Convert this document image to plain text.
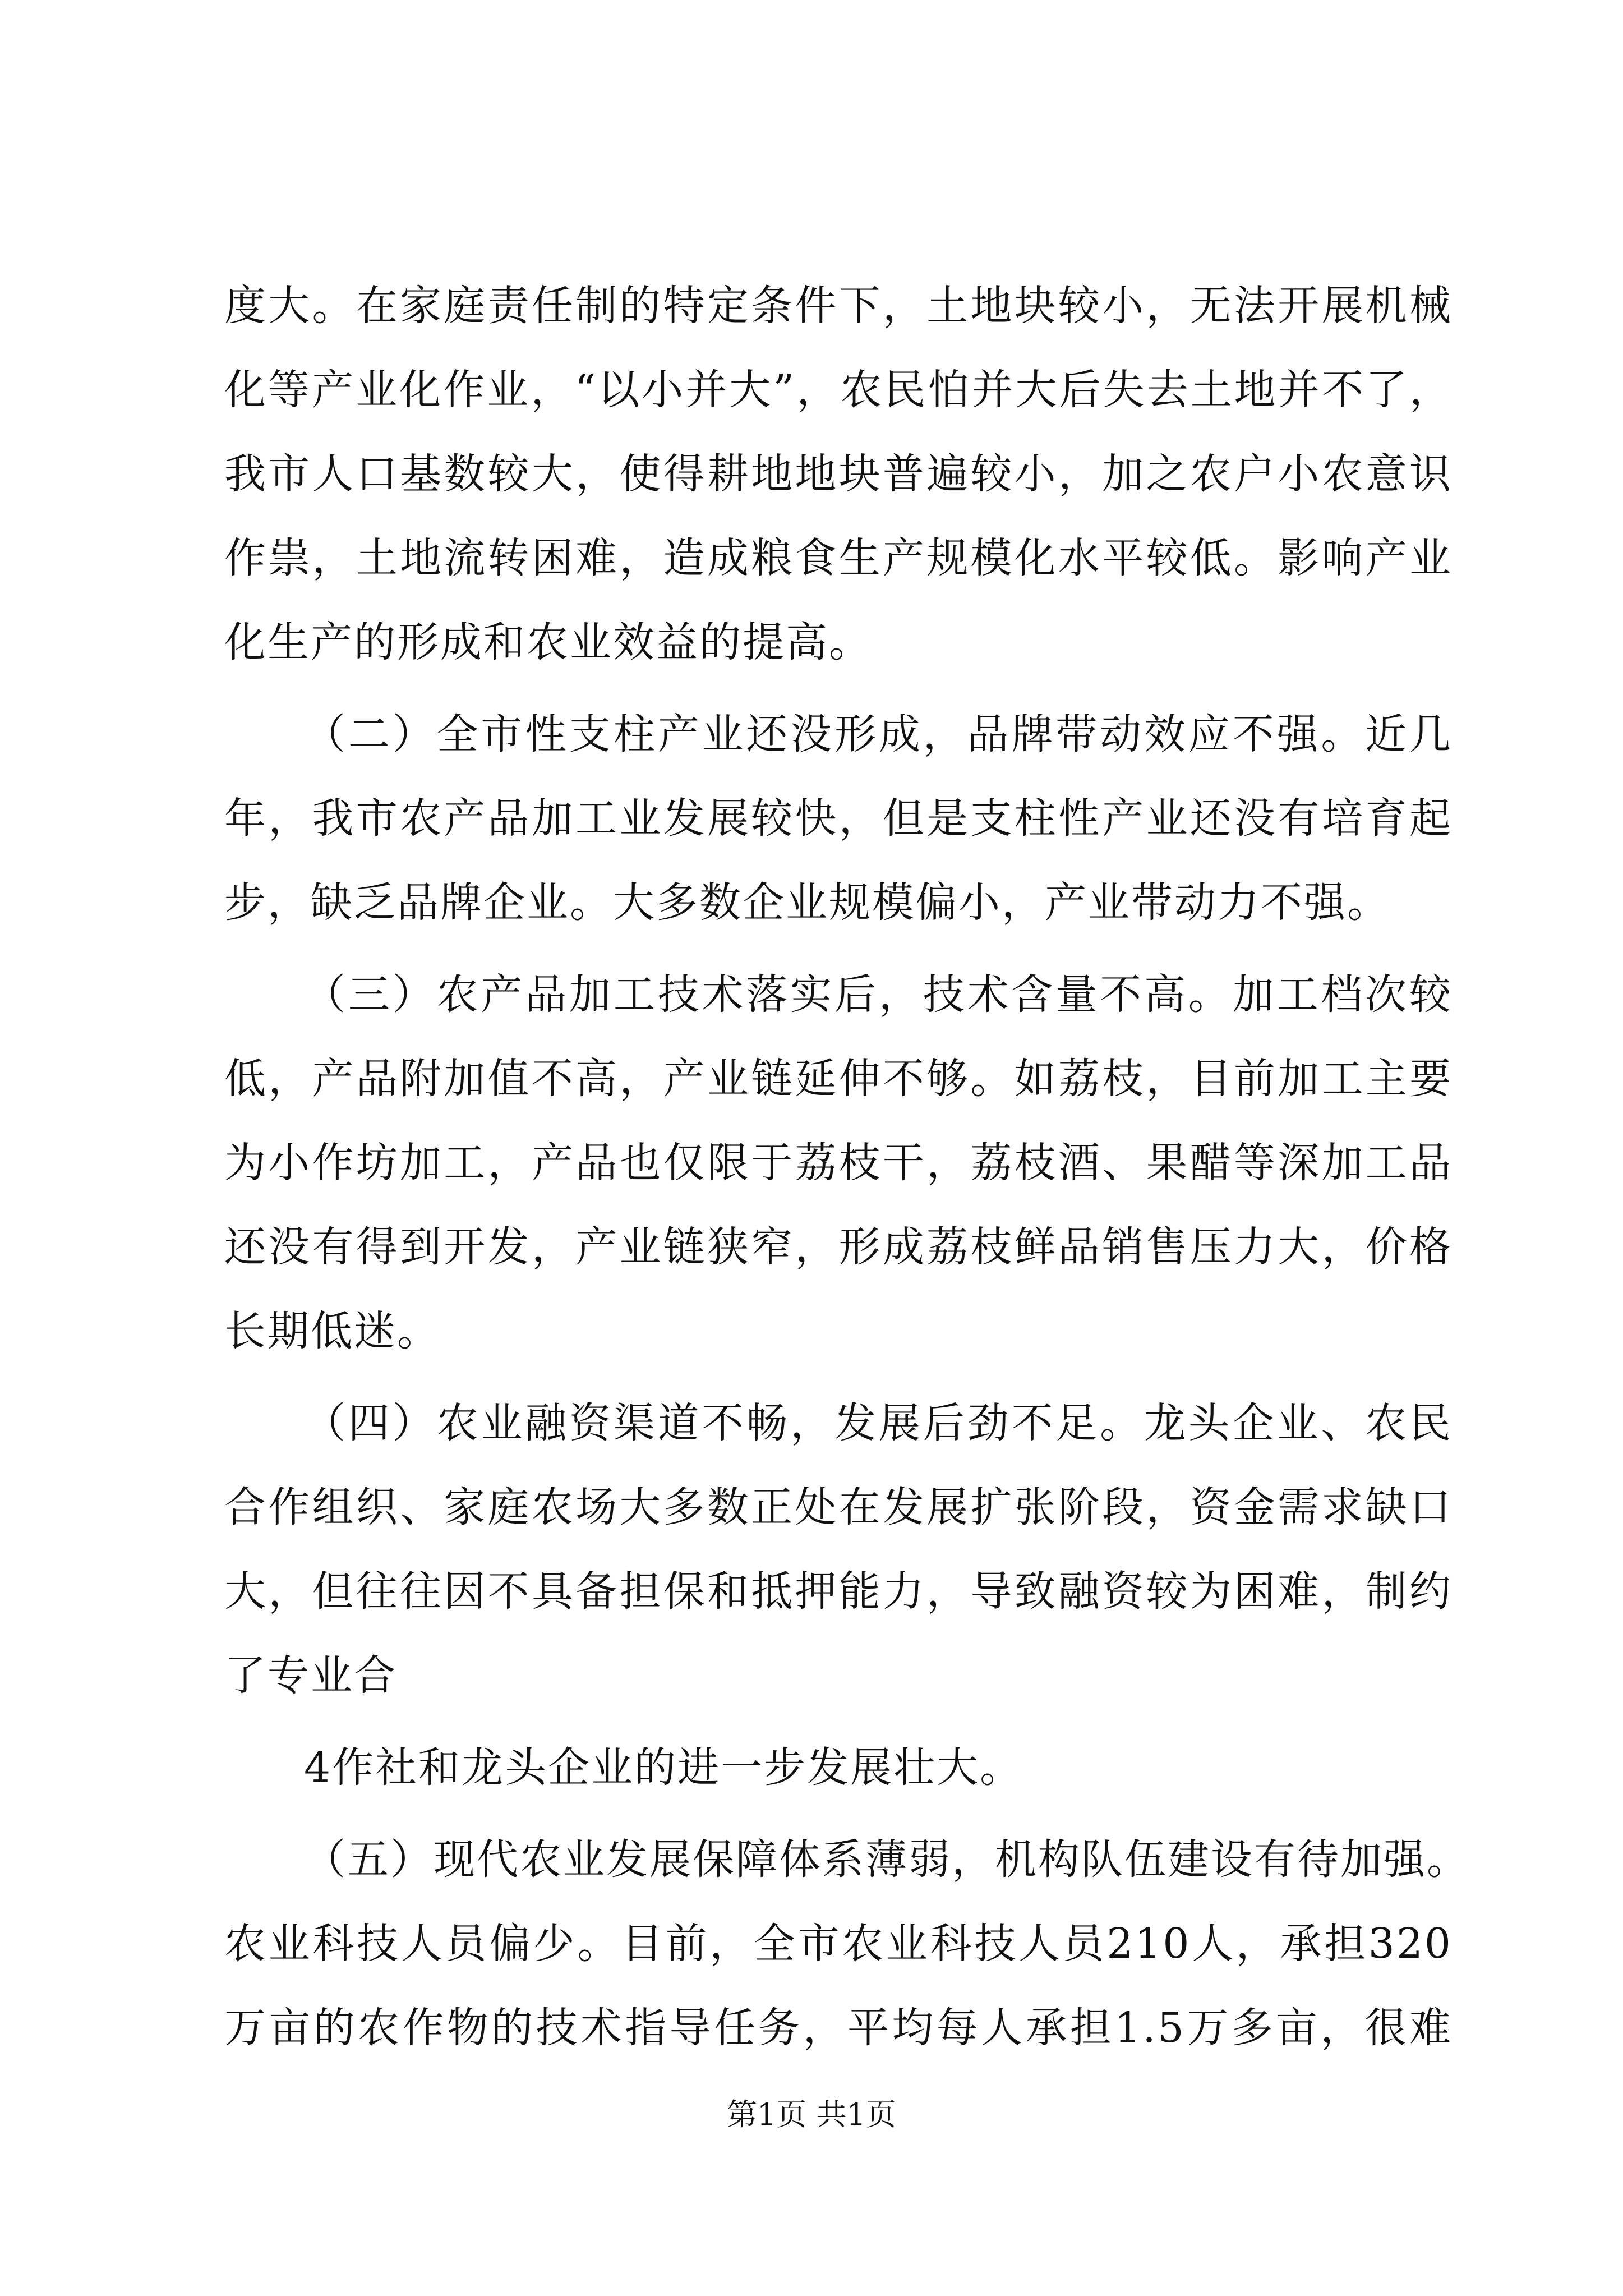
度大。在家庭责任制的特定条件下，土地块较小，无法开展机械
化等产业化作业，“以小并大”，农民怕并大后失去土地并不了，
我市人口基数较大，使得耕地地块普遍较小，加之农户小农意识
作祟，土地流转困难，造成粮食生产规模化水平较低。影响产业
化生产的形成和农业效益的提高。
（二）全市性支柱产业还没形成，品牌带动效应不强。近几
年，我市农产品加工业发展较快，但是支柱性产业还没有培育起
步，缺乏品牌企业。大多数企业规模偏小，产业带动力不强。
（三）农产品加工技术落实后，技术含量不高。加工档次较
低，产品附加值不高，产业链延伸不够。如荔枝，目前加工主要
为小作坊加工，产品也仅限于荔枝干，荔枝酒、果醋等深加工品
还没有得到开发，产业链狭窄，形成荔枝鲜品销售压力大，价格
长期低迷。
（四）农业融资渠道不畅，发展后劲不足。龙头企业、农民
合作组织、家庭农场大多数正处在发展扩张阶段，资金需求缺口
大，但往往因不具备担保和抵押能力，导致融资较为困难，制约
了专业合
4作社和龙头企业的进一步发展壮大。
（五）现代农业发展保障体系薄弱，机构队伍建设有待加强。
农业科技人员偏少。目前，全市农业科技人员210人，承担320
万亩的农作物的技术指导任务，平均每人承担1.5万多亩，很难
第1页 共1页
